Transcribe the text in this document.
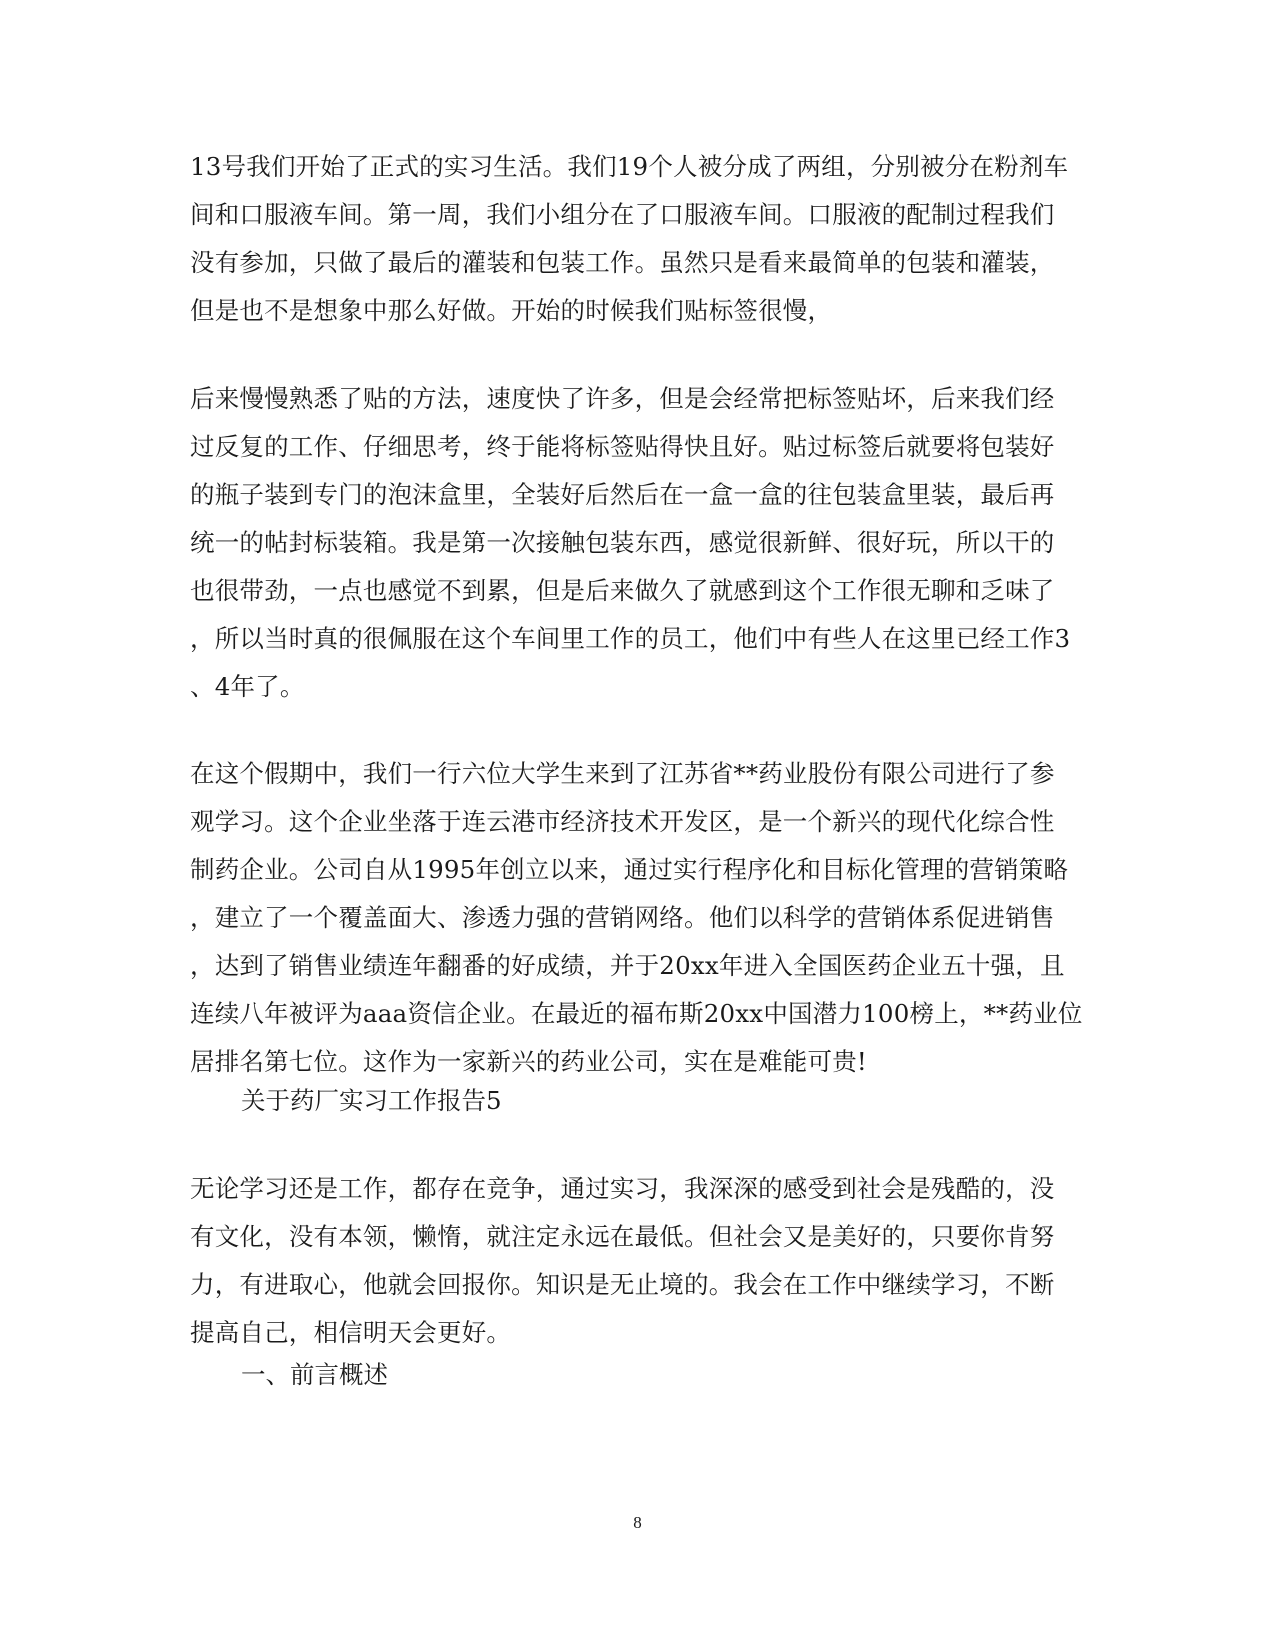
13号我们开始了正式的实习生活。我们19个人被分成了两组，分别被分在粉剂车
间和口服液车间。第一周，我们小组分在了口服液车间。口服液的配制过程我们
没有参加，只做了最后的灌装和包装工作。虽然只是看来最简单的包装和灌装，
但是也不是想象中那么好做。开始的时候我们贴标签很慢，
后来慢慢熟悉了贴的方法，速度快了许多，但是会经常把标签贴坏，后来我们经
过反复的工作、仔细思考，终于能将标签贴得快且好。贴过标签后就要将包装好
的瓶子装到专门的泡沫盒里，全装好后然后在一盒一盒的往包装盒里装，最后再
统一的帖封标装箱。我是第一次接触包装东西，感觉很新鲜、很好玩，所以干的
也很带劲，一点也感觉不到累，但是后来做久了就感到这个工作很无聊和乏味了
，所以当时真的很佩服在这个车间里工作的员工，他们中有些人在这里已经工作3
、4年了。
在这个假期中，我们一行六位大学生来到了江苏省**药业股份有限公司进行了参
观学习。这个企业坐落于连云港市经济技术开发区，是一个新兴的现代化综合性
制药企业。公司自从1995年创立以来，通过实行程序化和目标化管理的营销策略
，建立了一个覆盖面大、渗透力强的营销网络。他们以科学的营销体系促进销售
，达到了销售业绩连年翻番的好成绩，并于20xx年进入全国医药企业五十强，且
连续八年被评为aaa资信企业。在最近的福布斯20xx中国潜力100榜上，**药业位
居排名第七位。这作为一家新兴的药业公司，实在是难能可贵!
关于药厂实习工作报告5
无论学习还是工作，都存在竞争，通过实习，我深深的感受到社会是残酷的，没
有文化，没有本领，懒惰，就注定永远在最低。但社会又是美好的，只要你肯努
力，有进取心，他就会回报你。知识是无止境的。我会在工作中继续学习，不断
提高自己，相信明天会更好。
一、前言概述
8
